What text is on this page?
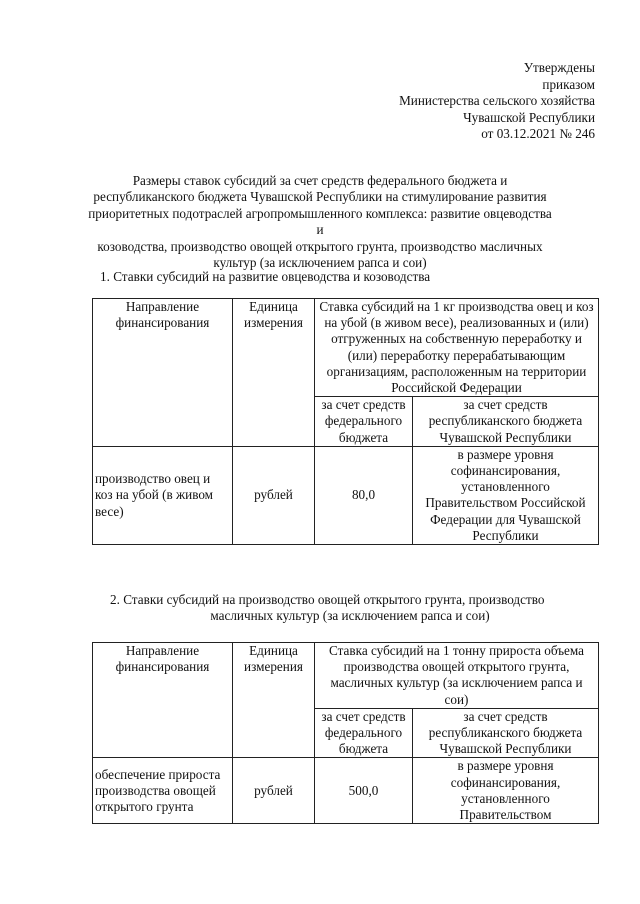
Утверждены
приказом
Министерства сельского хозяйства
Чувашской Республики
от 03.12.2021 № 246
Размеры ставок субсидий за счет средств федерального бюджета и
республиканского бюджета Чувашской Республики на стимулирование развития
приоритетных подотраслей агропромышленного комплекса: развитие овцеводства и
козоводства, производство овощей открытого грунта, производство масличных
культур (за исключением рапса и сои)
1. Ставки субсидий на развитие овцеводства и козоводства
Направление финансирования	Единица измерения	Ставка субсидий на 1 кг производства овец и коз на убой (в живом весе), реализованных и (или) отгруженных на собственную переработку и (или) переработку перерабатывающим организациям, расположенным на территории Российской Федерации	
		за счет средств федерального бюджета	за счет средств республиканского бюджета Чувашской Республики
производство овец и коз на убой (в живом весе)	рублей	80,0	в размере уровня софинансирования, установленного Правительством Российской Федерации для Чувашской Республики
2. Ставки субсидий на производство овощей открытого грунта, производство
масличных культур (за исключением рапса и сои)
Направление финансирования	Единица измерения	Ставка субсидий на 1 тонну прироста объема производства овощей открытого грунта, масличных культур (за исключением рапса и сои)	
		за счет средств федерального бюджета	за счет средств республиканского бюджета Чувашской Республики
обеспечение прироста производства овощей открытого грунта	рублей	500,0	в размере уровня софинансирования, установленного Правительством
